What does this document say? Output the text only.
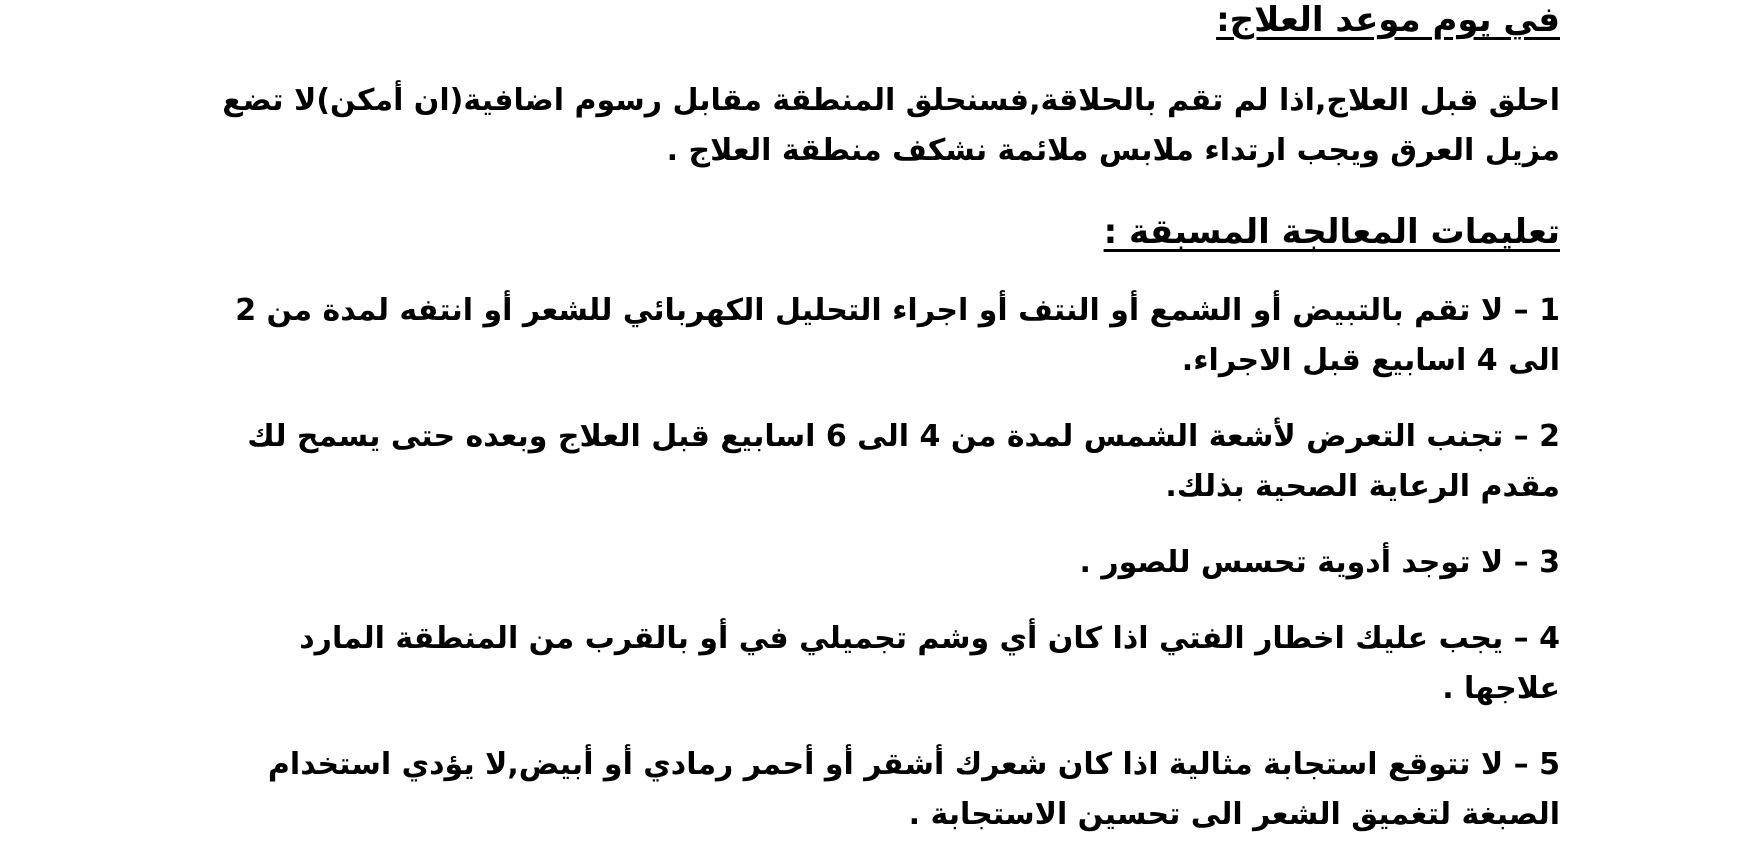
في يوم موعد العلاج:

احلق قبل العلاج,اذا لم تقم بالحلاقة,فسنحلق المنطقة مقابل رسوم اضافية(ان أمكن)لا تضع مزيل العرق ويجب ارتداء ملابس ملائمة نشكف منطقة العلاج .

تعليمات المعالجة المسبقة :
1 – لا تقم بالتبيض أو الشمع أو النتف أو اجراء التحليل الكهربائي للشعر أو انتفه لمدة من 2 الى 4 اسابيع قبل الاجراء.
2 – تجنب التعرض لأشعة الشمس لمدة من 4 الى 6 اسابيع قبل العلاج وبعده حتى يسمح لك مقدم الرعاية الصحية بذلك.
3 – لا توجد أدوية تحسس للصور .
4 – يجب عليك اخطار الفتي اذا كان أي وشم تجميلي في أو بالقرب من المنطقة المارد علاجها .
5 – لا تتوقع استجابة مثالية اذا كان شعرك أشقر أو أحمر رمادي أو أبيض,لا يؤدي استخدام الصبغة لتغميق الشعر الى تحسين الاستجابة .
